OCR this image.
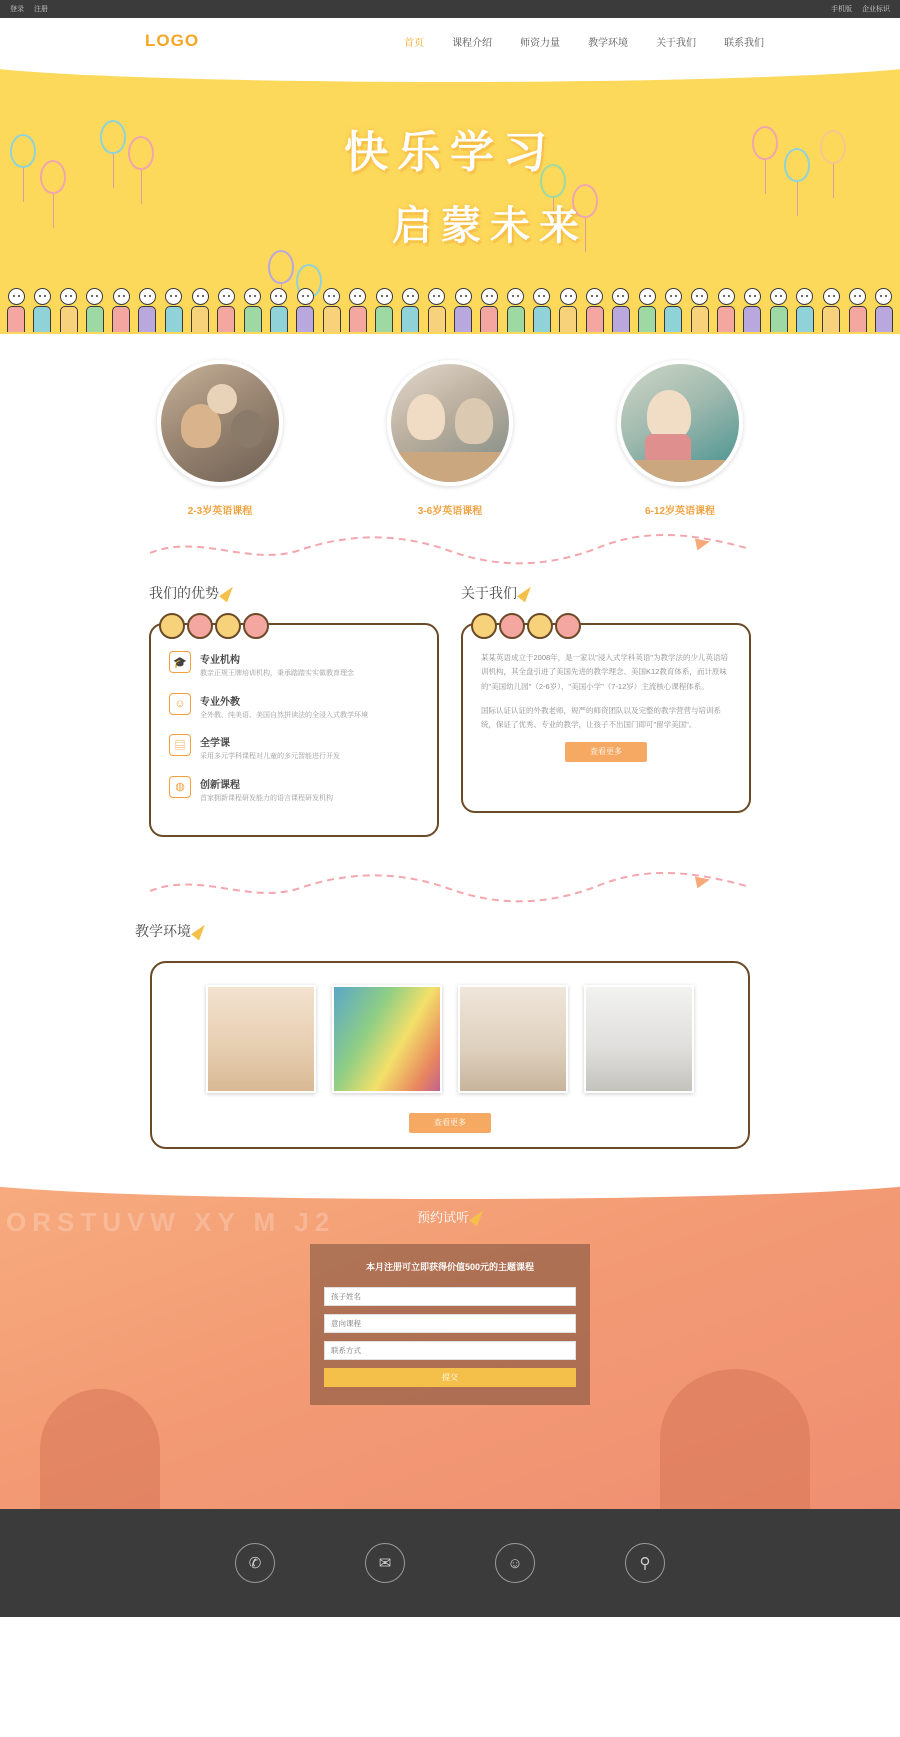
登录 注册	手机版 企业标识
LOGO	首页	课程介绍	师资力量	教学环境	关于我们	联系我们
快乐学习
启蒙未来
2-3岁英语课程	3-6岁英语课程	6-12岁英语课程
我们的优势
🎓	专业机构

教亲正规王牌培训机构，秉承踏踏实实做教育理念

☺	专业外教

全外教、纯美语、美国自然拼读法的全浸入式教学环境

▤	全学课

采用多元学科课程对儿童的多元智能进行开发

◍	创新课程

首家拥新课程研发能力的语言课程研发机构

关于我们

某某英语成立于2008年，是一家以"浸入式学科英语"为教学法的少儿英语培训机构，其全盘引进了美国先进的教学理念、美国K12教育体系，而计原味的"美国幼儿园"（2-6岁）、"美国小学"（7-12岁）主流核心课程体系。

国际认证认证的外教老师，规严的师资团队以及完整的教学营营与培训系统，保证了优秀、专业的教学，让孩子不出国门即可"留学美国"。

查看更多
教学环境
查看更多
ORSTUVW XY M J2	预约试听
本月注册可立即获得价值500元的主题课程
孩子姓名
意向课程
联系方式
提交
✆	✉	☺	⚲
